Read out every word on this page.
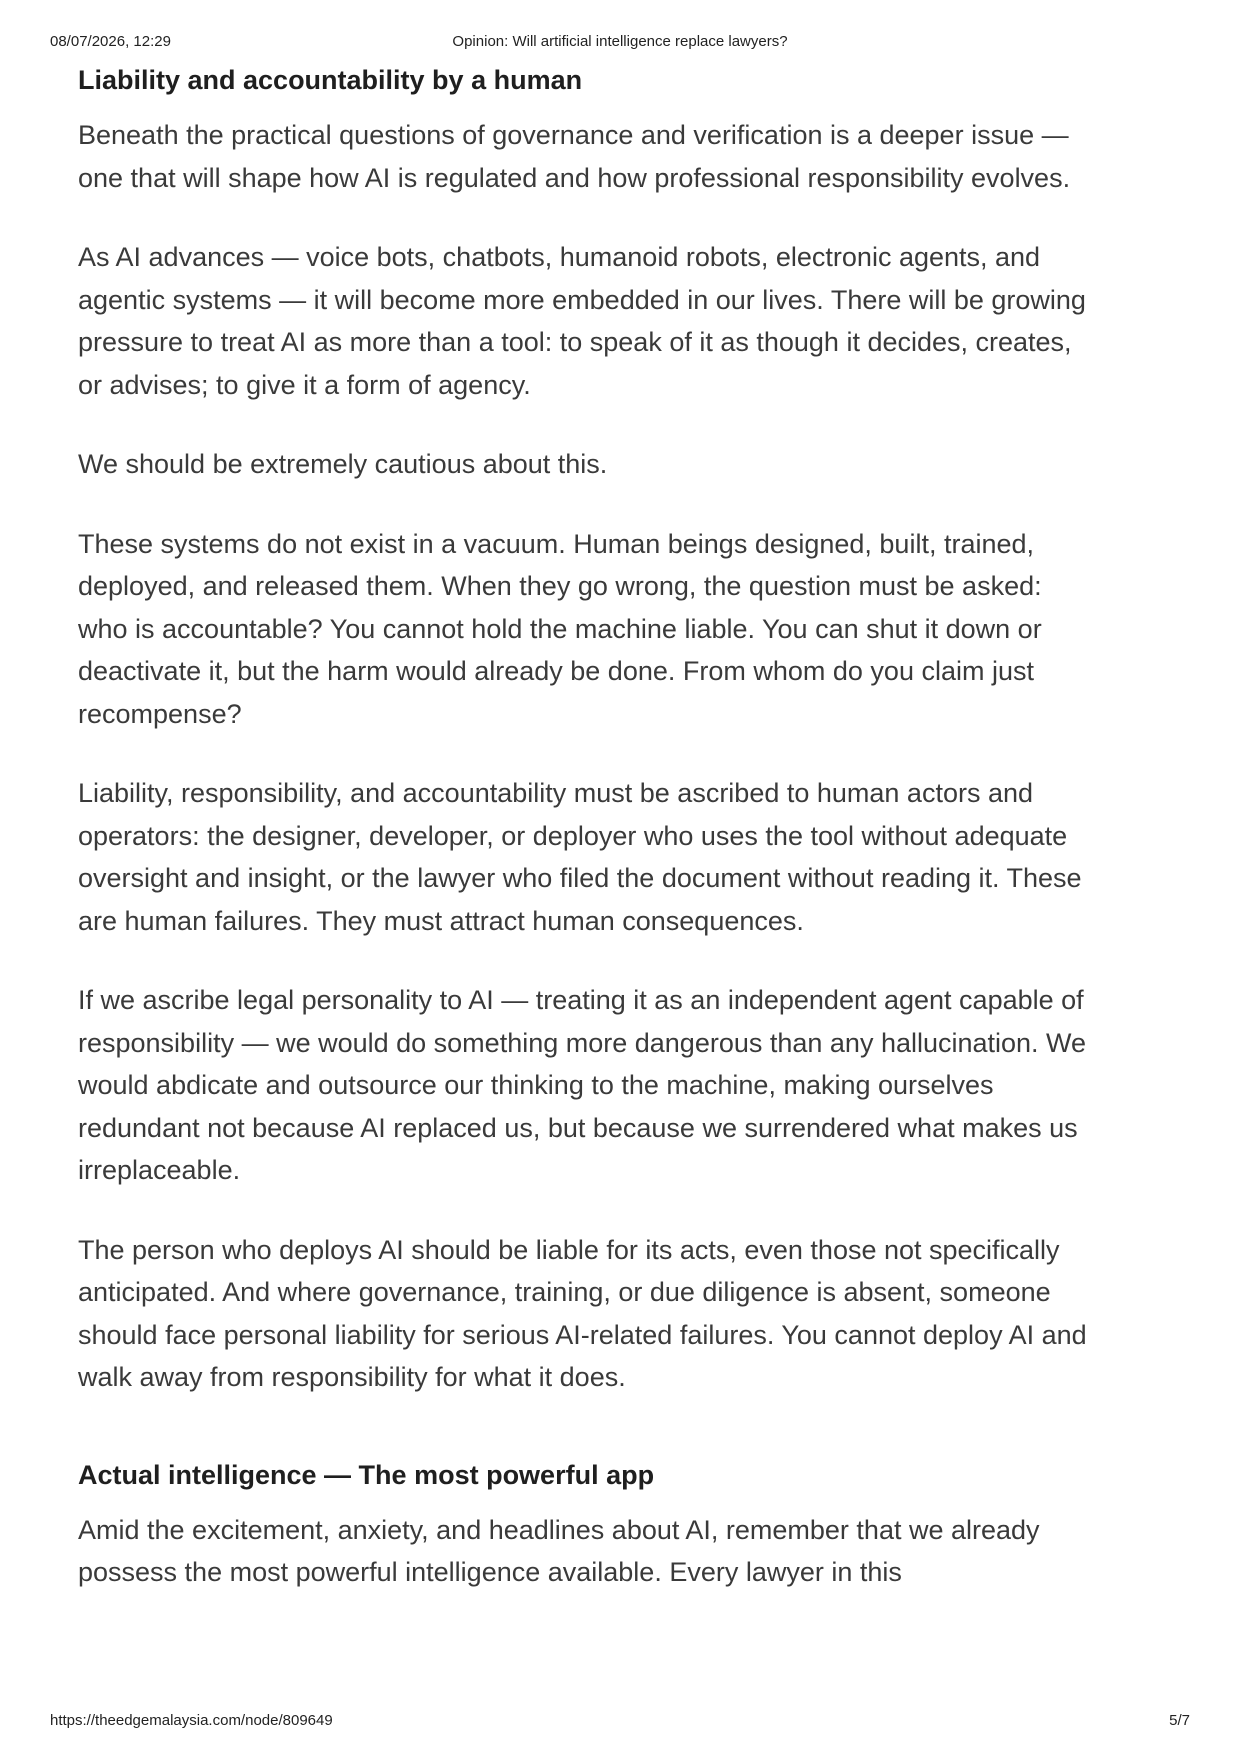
08/07/2026, 12:29	Opinion: Will artificial intelligence replace lawyers?
Liability and accountability by a human

Beneath the practical questions of governance and verification is a deeper issue — one that will shape how AI is regulated and how professional responsibility evolves.

As AI advances — voice bots, chatbots, humanoid robots, electronic agents, and agentic systems — it will become more embedded in our lives. There will be growing pressure to treat AI as more than a tool: to speak of it as though it decides, creates, or advises; to give it a form of agency.

We should be extremely cautious about this.

These systems do not exist in a vacuum. Human beings designed, built, trained, deployed, and released them. When they go wrong, the question must be asked: who is accountable? You cannot hold the machine liable. You can shut it down or deactivate it, but the harm would already be done. From whom do you claim just recompense?

Liability, responsibility, and accountability must be ascribed to human actors and operators: the designer, developer, or deployer who uses the tool without adequate oversight and insight, or the lawyer who filed the document without reading it. These are human failures. They must attract human consequences.

If we ascribe legal personality to AI — treating it as an independent agent capable of responsibility — we would do something more dangerous than any hallucination. We would abdicate and outsource our thinking to the machine, making ourselves redundant not because AI replaced us, but because we surrendered what makes us irreplaceable.

The person who deploys AI should be liable for its acts, even those not specifically anticipated. And where governance, training, or due diligence is absent, someone should face personal liability for serious AI-related failures. You cannot deploy AI and walk away from responsibility for what it does.

Actual intelligence — The most powerful app

Amid the excitement, anxiety, and headlines about AI, remember that we already possess the most powerful intelligence available. Every lawyer in this

https://theedgemalaysia.com/node/809649	5/7
